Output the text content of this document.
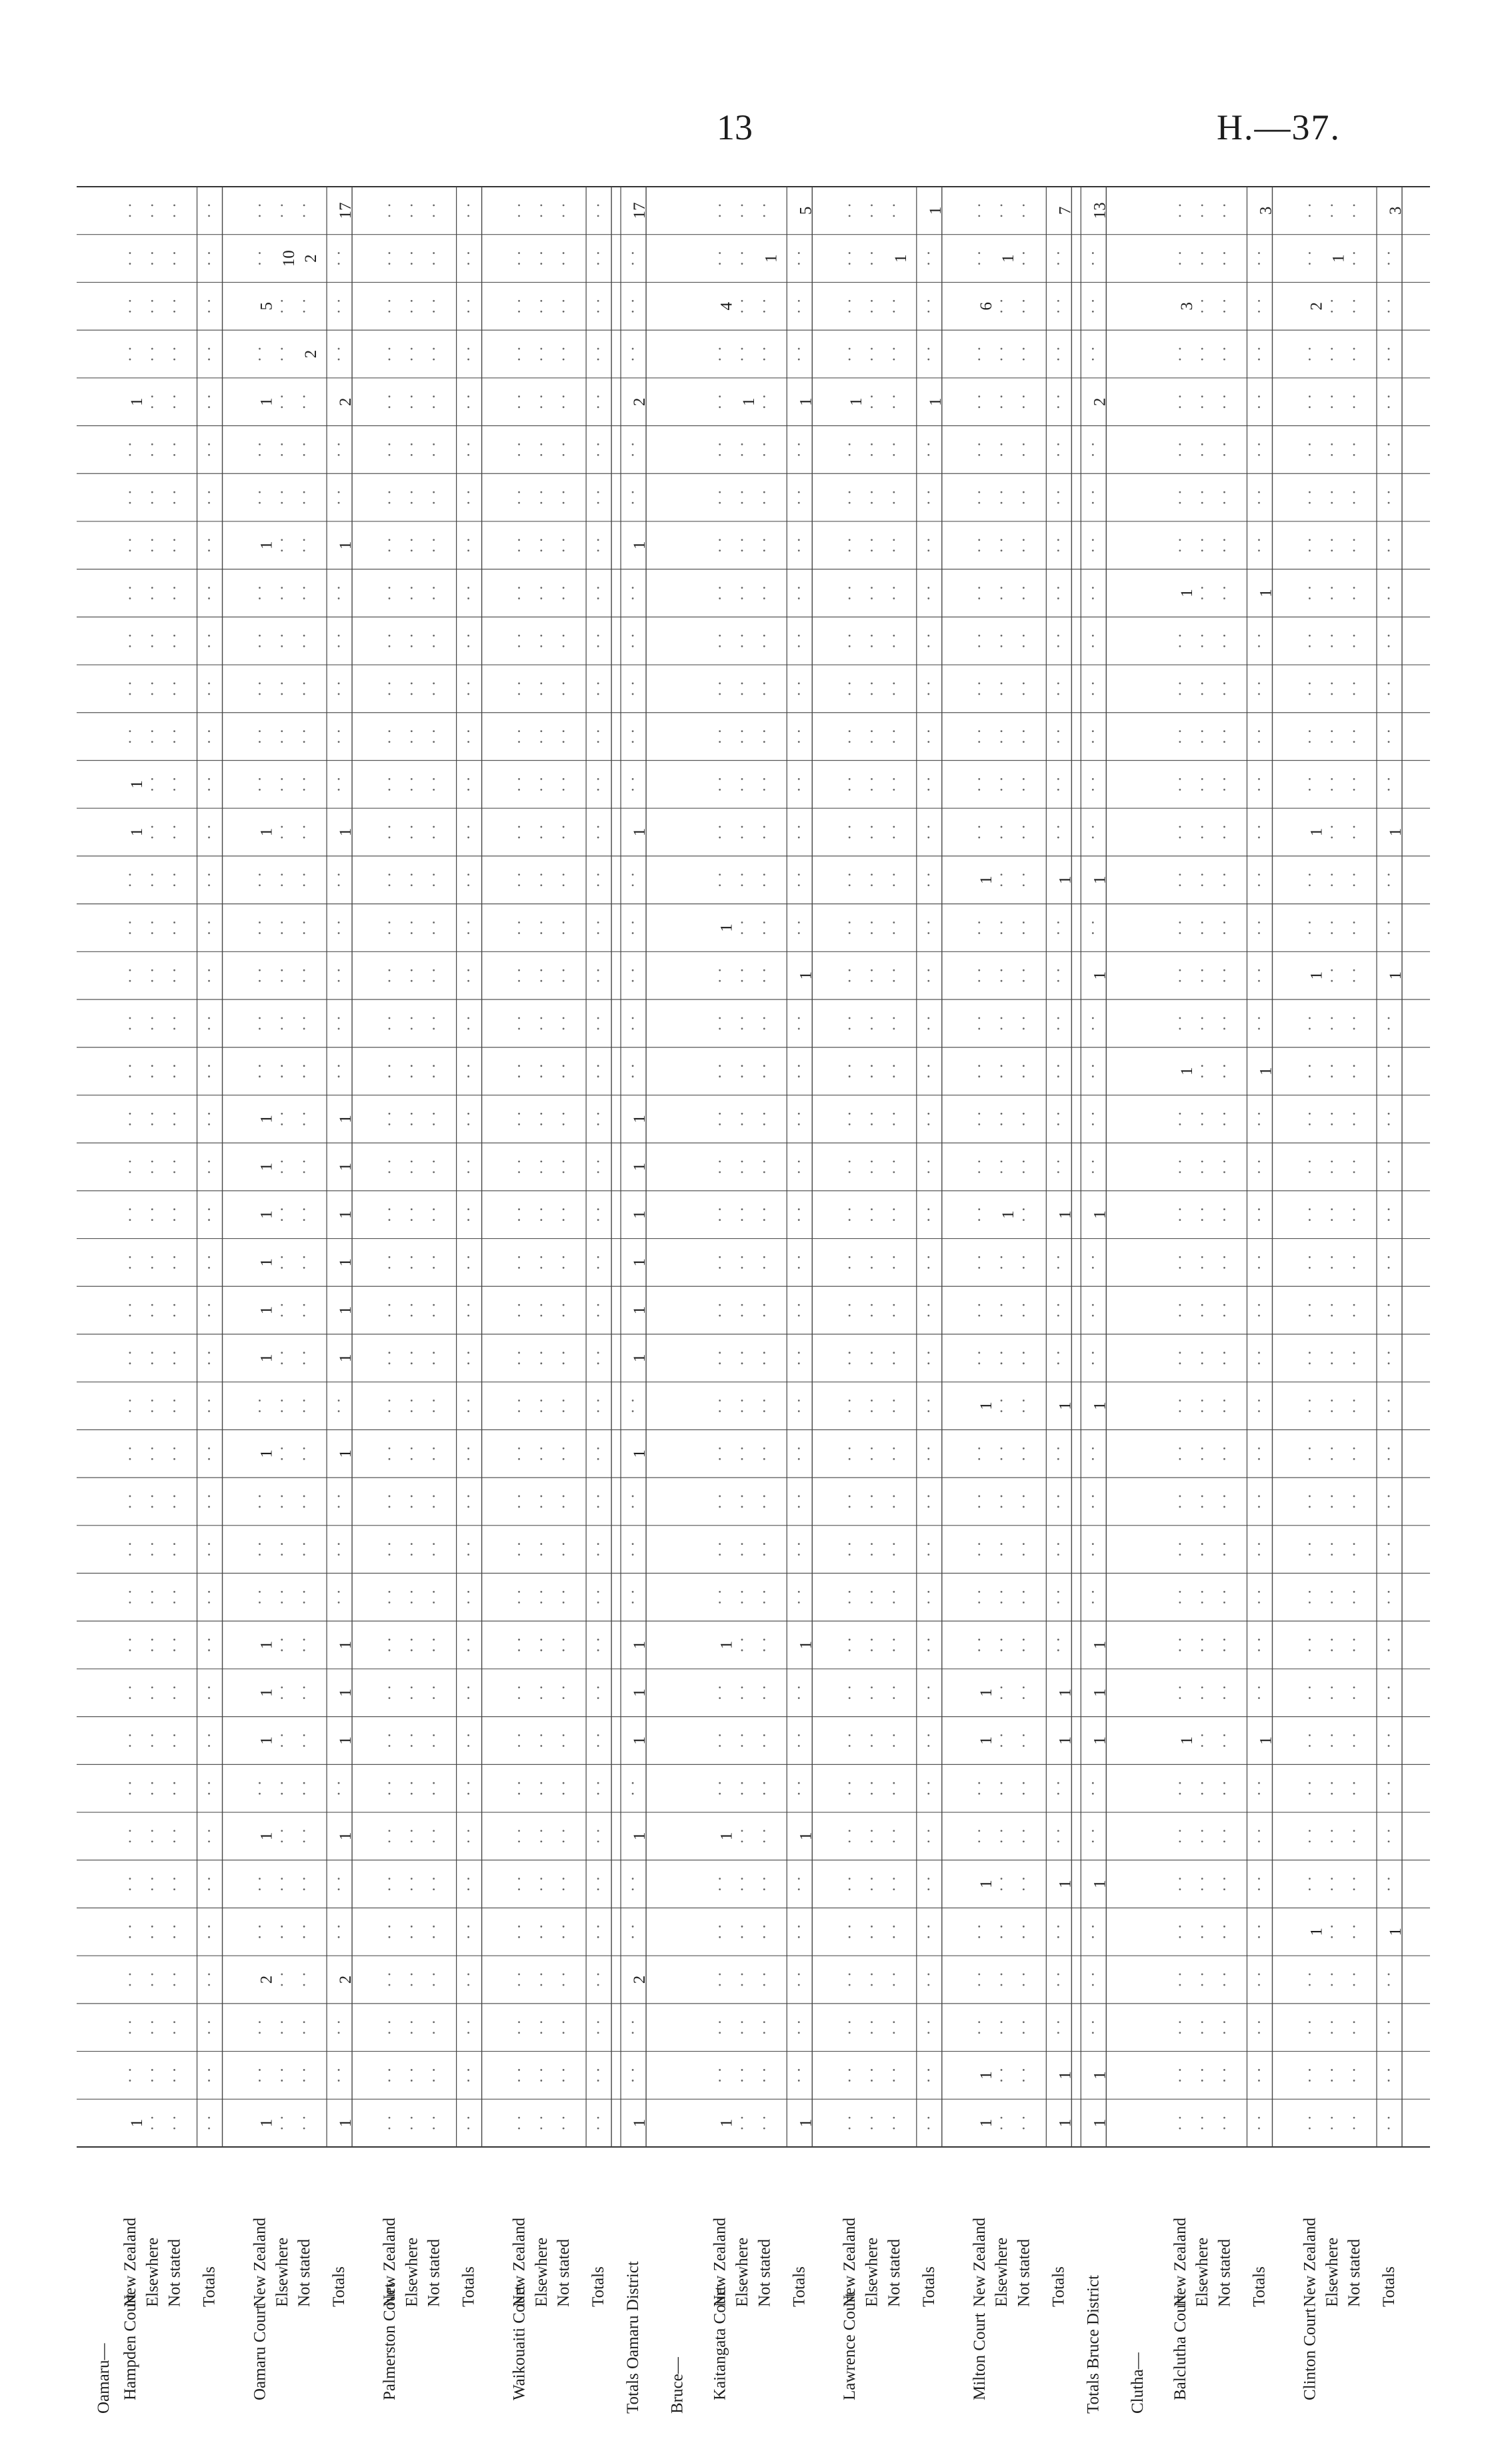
13	H.—37.
Oamaru—
New Zealand
Hampden Court
Elsewhere Not stated Totals New Zealand
Oamaru Court
Elsewhere Not stated Totals New Zealand
Palmerston Court
Elsewhere Not stated Totals New Zealand
Waikouaiti Court
Elsewhere Not stated Totals Totals Oamaru District Bruce—
New Zealand
Kaitangata Court
Elsewhere Not stated Totals New Zealand
Lawrence Court
Elsewhere Not stated Totals New Zealand
Milton Court
Elsewhere Not stated Totals Totals Bruce District Clutha—
New Zealand
Balclutha Court
Elsewhere Not stated Totals New Zealand
Clinton Court
Elsewhere Not stated Totals
1
1
1
1
1
2
1
1
1
1
1
1
1
1
1
1
1
1
1
1
5
10
2
2
1
2
1
1
1
1
1
1
1
1
1
1
1
1
1
2
17
1
2
1
1
1
1
1
1
1
1
1
1
1
1
1
2
17
1
1
1
1
4
1
1
1
1
1
1
1
5
1
1
1
1
1
1
1
1
1
1
1
6
1
1
1
1
1
1
1
1
1
1
7
1
1
1
1
1
1
1
1
1
1
2
13
1
1
1
3
1
1
1
3
1
1
1
2
1
1
1
1
3
